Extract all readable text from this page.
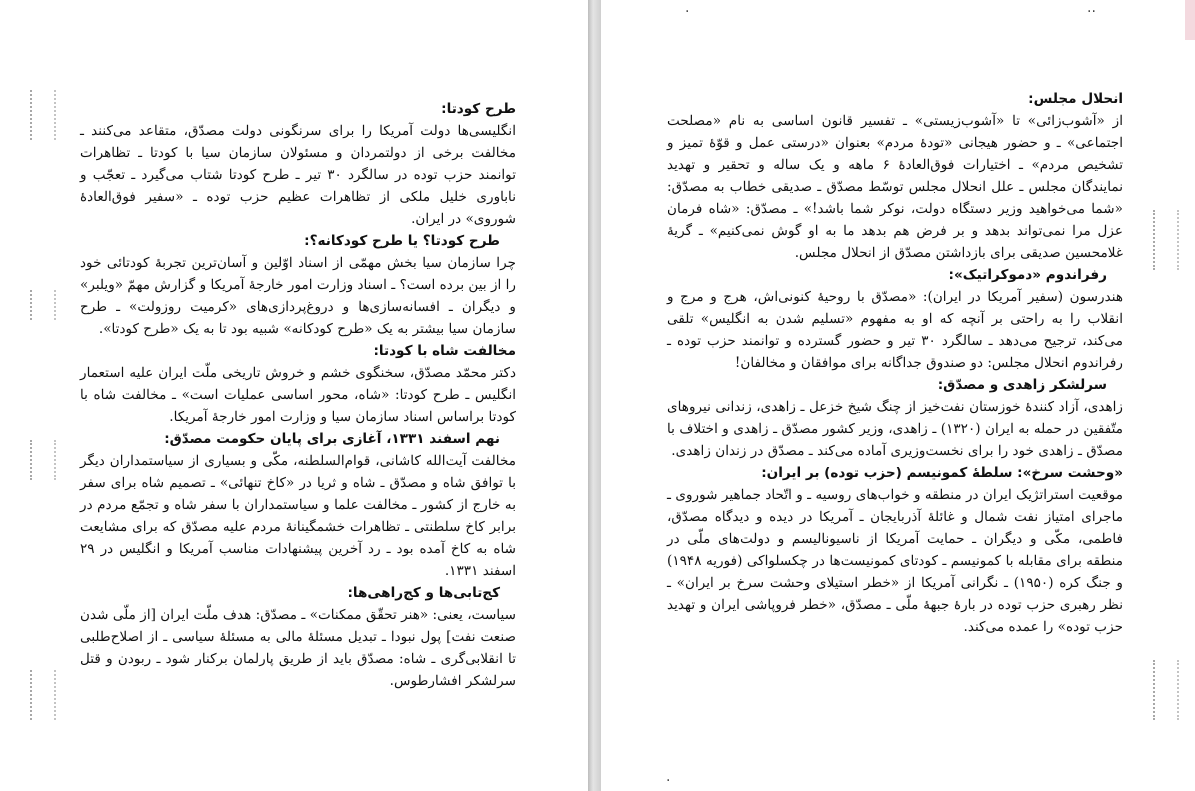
طرح کودتا:

انگلیسی‌ها دولت آمریکا را برای سرنگونی دولت مصدّق، متقاعد می‌کنند ـ مخالفت برخی از دولتمردان و مسئولان سازمان سیا با کودتا ـ تظاهرات توانمند حزب توده در سالگرد ۳۰ تیر ـ طرح کودتا شتاب می‌گیرد ـ تعجّب و ناباوری خلیل ملکی از تظاهرات عظیم حزب توده ـ «سفیر فوق‌العادهٔ شوروی» در ایران.

طرح کودتا؟ یا طرح کودکانه؟:

چرا سازمان سیا بخش مهمّی از اسناد اوّلین و آسان‌ترین تجربهٔ کودتائی خود را از بین برده است؟ ـ اسناد وزارت امور خارجهٔ آمریکا و گزارش مهمّ «ویلبر» و دیگران ـ افسانه‌سازی‌ها و دروغ‌پردازی‌های «کرمیت روزولت» ـ طرح سازمان سیا بیشتر به یک «طرح کودکانه» شبیه بود تا به یک «طرح کودتا».

مخالفت شاه با کودتا:

دکتر محمّد مصدّق، سخنگوی خشم و خروش تاریخی ملّت ایران علیه استعمار انگلیس ـ طرح کودتا: «شاه، محور اساسی عملیات است» ـ مخالفت شاه با کودتا براساس اسناد سازمان سیا و وزارت امور خارجهٔ آمریکا.

نهم اسفند ۱۳۳۱، آغازی برای پایان حکومت مصدّق:

مخالفت آیت‌الله کاشانی، قوام‌السلطنه، مکّی و بسیاری از سیاستمداران دیگر با توافق شاه و مصدّق ـ شاه و ثریا در «کاخ تنهائی» ـ تصمیم شاه برای سفر به خارج از کشور ـ مخالفت علما و سیاستمداران با سفر شاه و تجمّع مردم در برابر کاخ سلطنتی ـ تظاهرات خشمگینانهٔ مردم علیه مصدّق که برای مشایعت شاه به کاخ آمده بود ـ رد آخرین پیشنهادات مناسب آمریکا و انگلیس در ۲۹ اسفند ۱۳۳۱.

کج‌تابی‌ها و کج‌راهی‌ها:

سیاست، یعنی: «هنر تحقّق ممکنات» ـ مصدّق: هدف ملّت ایران [از ملّی شدن صنعت نفت] پول نبودا ـ تبدیل مسئلهٔ مالی به مسئلهٔ سیاسی ـ از اصلاح‌طلبی تا انقلابی‌گری ـ شاه: مصدّق باید از طریق پارلمان برکنار شود ـ ربودن و قتل سرلشکر افشارطوس.

·	··
·

انحلال مجلس:

از «آشوب‌زائی» تا «آشوب‌زیستی» ـ تفسیر قانون اساسی به نام «مصلحت اجتماعی» ـ و حضور هیجانی «تودهٔ مردم» بعنوان «درستی عمل و قوّهٔ تمیز و تشخیص مردم» ـ اختیارات فوق‌العادهٔ ۶ ماهه و یک ساله و تحقیر و تهدید نمایندگان مجلس ـ علل انحلال مجلس توسّط مصدّق ـ صدیقی خطاب به مصدّق: «شما می‌خواهید وزیر دستگاه دولت، نوکر شما باشد!» ـ مصدّق: «شاه فرمان عزل مرا نمی‌تواند بدهد و بر فرض هم بدهد ما به او گوش نمی‌کنیم» ـ گریهٔ غلامحسین صدیقی برای بازداشتن مصدّق از انحلال مجلس.

رفراندوم «دموکراتیک»:

هندرسون (سفیر آمریکا در ایران): «مصدّق با روحیهٔ کنونی‌اش، هرج و مرج و انقلاب را به راحتی بر آنچه که او به مفهوم «تسلیم شدن به انگلیس» تلقی می‌کند، ترجیح می‌دهد ـ سالگرد ۳۰ تیر و حضور گسترده و توانمند حزب توده ـ رفراندوم انحلال مجلس: دو صندوق جداگانه برای موافقان و مخالفان!

سرلشکر زاهدی و مصدّق:

زاهدی، آزاد کنندهٔ خوزستان نفت‌خیز از چنگ شیخ خزعل ـ زاهدی، زندانی نیروهای متّفقین در حمله به ایران (۱۳۲۰) ـ زاهدی، وزیر کشور مصدّق ـ زاهدی و اختلاف با مصدّق ـ زاهدی خود را برای نخست‌وزیری آماده می‌کند ـ مصدّق در زندان زاهدی.

«وحشت سرخ»: سلطهٔ کمونیسم (حزب توده) بر ایران:

موقعیت استراتژیک ایران در منطقه و خواب‌های روسیه ـ و اتّحاد جماهیر شوروی ـ ماجرای امتیاز نفت شمال و غائلهٔ آذربایجان ـ آمریکا در دیده و دیدگاه مصدّق، فاطمی، مکّی و دیگران ـ حمایت آمریکا از ناسیونالیسم و دولت‌های ملّی در منطقه برای مقابله با کمونیسم ـ کودتای کمونیست‌ها در چکسلواکی (فوریه ۱۹۴۸) و جنگ کره (۱۹۵۰) ـ نگرانی آمریکا از «خطر استیلای وحشت سرخ بر ایران» ـ نظر رهبری حزب توده در بارهٔ جبههٔ ملّی ـ مصدّق، «خطر فروپاشی ایران و تهدید حزب توده» را عمده می‌کند.
